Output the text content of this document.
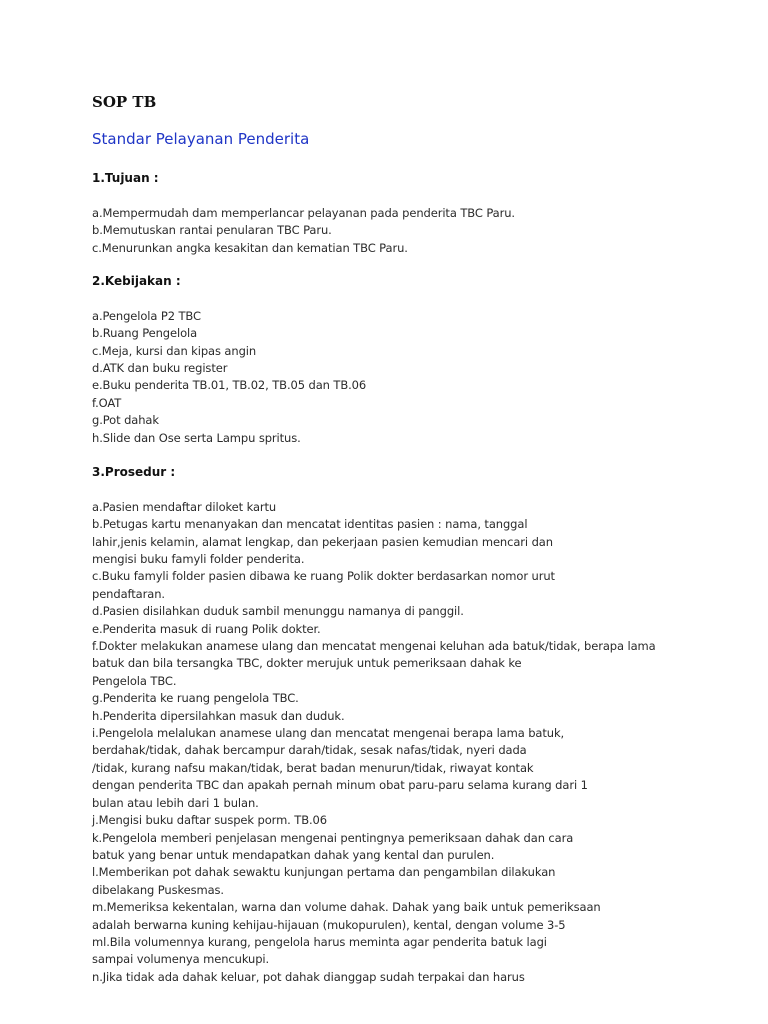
SOP TB
Standar Pelayanan Penderita
1.Tujuan :
a.Mempermudah dam memperlancar pelayanan pada penderita TBC Paru.
b.Memutuskan rantai penularan TBC Paru.
c.Menurunkan angka kesakitan dan kematian TBC Paru.
2.Kebijakan :
a.Pengelola P2 TBC
b.Ruang Pengelola
c.Meja, kursi dan kipas angin
d.ATK dan buku register
e.Buku penderita TB.01, TB.02, TB.05 dan TB.06
f.OAT
g.Pot dahak
h.Slide dan Ose serta Lampu spritus.
3.Prosedur :
a.Pasien mendaftar diloket kartu
b.Petugas kartu menanyakan dan mencatat identitas pasien : nama, tanggal
lahir,jenis kelamin, alamat lengkap, dan pekerjaan pasien kemudian mencari dan
mengisi buku famyli folder penderita.
c.Buku famyli folder pasien dibawa ke ruang Polik dokter berdasarkan nomor urut
pendaftaran.
d.Pasien disilahkan duduk sambil menunggu namanya di panggil.
e.Penderita masuk di ruang Polik dokter.
f.Dokter melakukan anamese ulang dan mencatat mengenai keluhan ada batuk/tidak, berapa lama
batuk dan bila tersangka TBC, dokter merujuk untuk pemeriksaan dahak ke
Pengelola TBC.
g.Penderita ke ruang pengelola TBC.
h.Penderita dipersilahkan masuk dan duduk.
i.Pengelola melalukan anamese ulang dan mencatat mengenai berapa lama batuk,
berdahak/tidak, dahak bercampur darah/tidak, sesak nafas/tidak, nyeri dada
/tidak, kurang nafsu makan/tidak, berat badan menurun/tidak, riwayat kontak
dengan penderita TBC dan apakah pernah minum obat paru-paru selama kurang dari 1
bulan atau lebih dari 1 bulan.
j.Mengisi buku daftar suspek porm. TB.06
k.Pengelola memberi penjelasan mengenai pentingnya pemeriksaan dahak dan cara
batuk yang benar untuk mendapatkan dahak yang kental dan purulen.
l.Memberikan pot dahak sewaktu kunjungan pertama dan pengambilan dilakukan
dibelakang Puskesmas.
m.Memeriksa kekentalan, warna dan volume dahak. Dahak yang baik untuk pemeriksaan
adalah berwarna kuning kehijau-hijauan (mukopurulen), kental, dengan volume 3-5
ml.Bila volumennya kurang, pengelola harus meminta agar penderita batuk lagi
sampai volumenya mencukupi.
n.Jika tidak ada dahak keluar, pot dahak dianggap sudah terpakai dan harus
